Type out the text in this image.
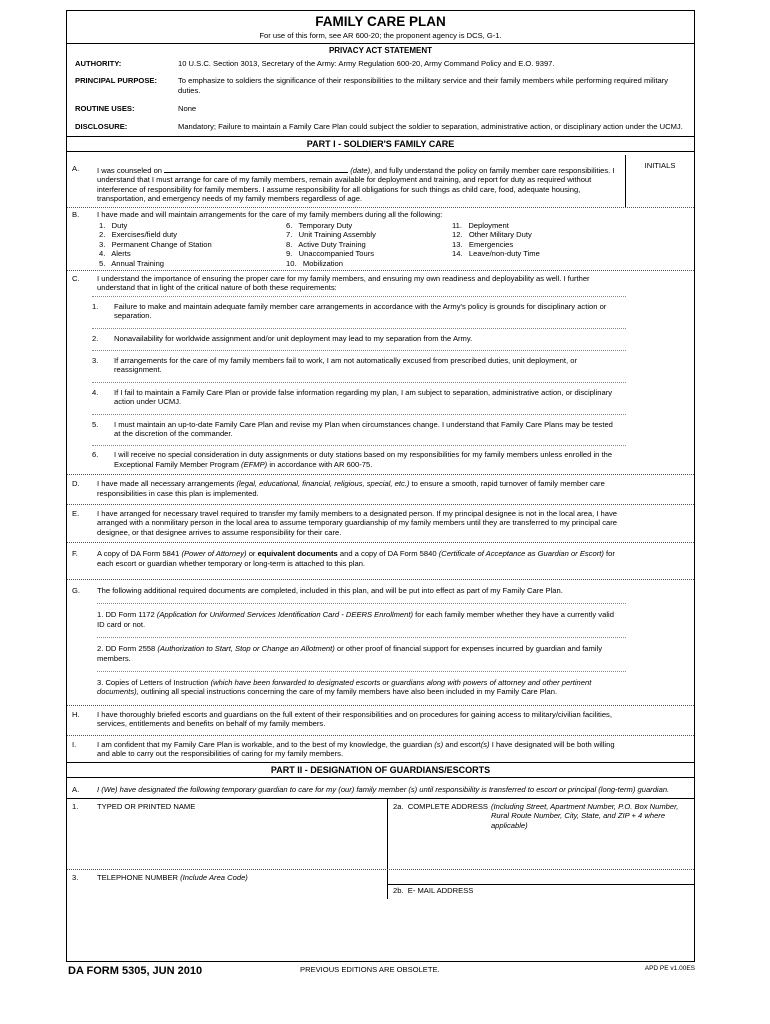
FAMILY CARE PLAN
For use of this form, see AR 600-20; the proponent agency is DCS, G-1.
PRIVACY ACT STATEMENT
AUTHORITY:	10 U.S.C. Section 3013, Secretary of the Army: Army Regulation 600-20, Army Command Policy and E.O. 9397.
PRINCIPAL PURPOSE:	To emphasize to soldiers the significance of their responsibilities to the military service and their family members while performing required military duties.
ROUTINE USES:	None
DISCLOSURE:	Mandatory; Failure to maintain a Family Care Plan could subject the soldier to separation, administrative action, or disciplinary action under the UCMJ.
PART I - SOLDIER'S FAMILY CARE
A.	I was counseled on	(date), and fully understand the policy on family member care responsibilities. I understand that I must arrange for care of my family members, remain available for deployment and training, and report for duty as required without interference of responsibility for family members. I assume responsibility for all obligations for such things as child care, food, adequate housing, transportation, and emergency needs of my family members regardless of age.
INITIALS
B.	I have made and will maintain arrangements for the care of my family members during all the following:
1.   Duty	6.   Temporary Duty	11.   Deployment
2.   Exercises/field duty	7.   Unit Training Assembly	12.   Other Military Duty
3.   Permanent Change of Station	8.   Active Duty Training	13.   Emergencies
4.   Alerts	9.   Unaccompanied Tours	14.   Leave/non-duty Time
5.   Annual Training	10.   Mobilization
C.	I understand the importance of ensuring the proper care for my family members, and ensuring my own readiness and deployability as well. I further understand that in light of the critical nature of both these requirements:
1.	Failure to make and maintain adequate family member care arrangements in accordance with the Army's policy is grounds for disciplinary action or separation.
2.	Nonavailability for worldwide assignment and/or unit deployment may lead to my separation from the Army.
3.	If arrangements for the care of my family members fail to work, I am not automatically excused from prescribed duties, unit deployment, or reassignment.
4.	If I fail to maintain a Family Care Plan or provide false information regarding my plan, I am subject to separation, administrative action, or disciplinary action under UCMJ.
5.	I must maintain an up-to-date Family Care Plan and revise my Plan when circumstances change. I understand that Family Care Plans may be tested at the discretion of the commander.
6.	I will receive no special consideration in duty assignments or duty stations based on my responsibilities for my family members unless enrolled in the Exceptional Family Member Program (EFMP) in accordance with AR 600-75.
D.	I have made all necessary arrangements (legal, educational, financial, religious, special, etc.) to ensure a smooth, rapid turnover of family member care responsibilities in case this plan is implemented.
E.	I have arranged for necessary travel required to transfer my family members to a designated person. If my principal designee is not in the local area, I have arranged with a nonmilitary person in the local area to assume temporary guardianship of my family members until they are transferred to my principal care designee, or that designee arrives to assume responsibility for their care.
F.	A copy of DA Form 5841 (Power of Attorney) or equivalent documents and a copy of DA Form 5840 (Certificate of Acceptance as Guardian or Escort) for each escort or guardian whether temporary or long-term is attached to this plan.
G.	The following additional required documents are completed, included in this plan, and will be put into effect as part of my Family Care Plan.
1. DD Form 1172 (Application for Uniformed Services Identification Card - DEERS Enrollment) for each family member whether they have a currently valid ID card or not.
2. DD Form 2558 (Authorization to Start, Stop or Change an Allotment) or other proof of financial support for expenses incurred by guardian and family members.
3. Copies of Letters of Instruction (which have been forwarded to designated escorts or guardians along with powers of attorney and other pertinent documents), outlining all special instructions concerning the care of my family members have also been included in my Family Care Plan.
H.	I have thoroughly briefed escorts and guardians on the full extent of their responsibilities and on procedures for gaining access to military/civilian facilities, services, entitlements and benefits on behalf of my family members.
I.	I am confident that my Family Care Plan is workable, and to the best of my knowledge, the guardian (s) and escort(s) I have designated will be both willing and able to carry out the responsibilities of caring for my family members.
PART II - DESIGNATION OF GUARDIANS/ESCORTS
A.	I (We) have designated the following temporary guardian to care for my (our) family member (s) until responsibility is transferred to escort or principal (long-term) guardian.
1.	TYPED OR PRINTED NAME	2a.  COMPLETE ADDRESS (Including Street, Apartment Number, P.O. Box Number, Rural Route Number, City, State, and ZIP + 4 where applicable)
3.	TELEPHONE NUMBER (Include Area Code)
2b.  E- MAIL ADDRESS
DA FORM 5305, JUN 2010	PREVIOUS EDITIONS ARE OBSOLETE.	APD PE v1.00ES
